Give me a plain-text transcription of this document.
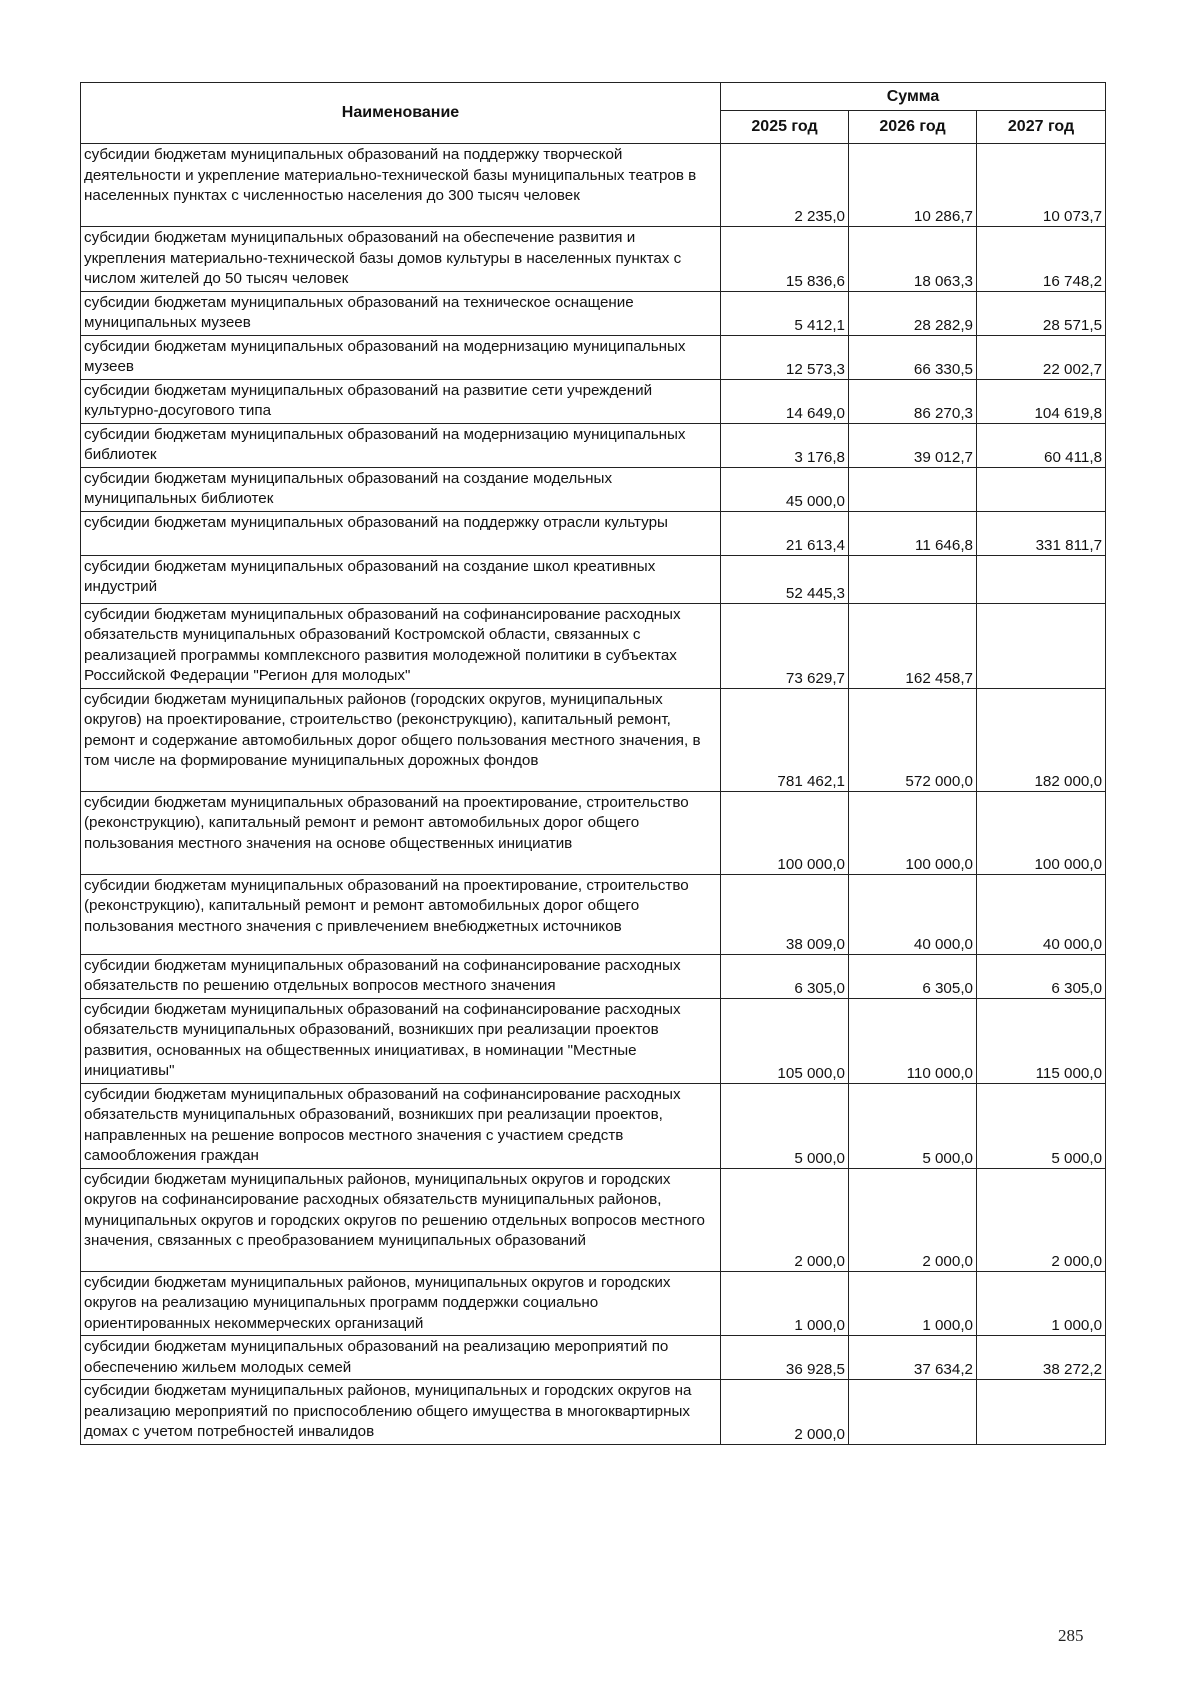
Наименование	Сумма		
	2025 год	2026 год	2027 год
субсидии бюджетам муниципальных образований на поддержку творческой деятельности и укрепление материально-технической базы муниципальных театров в населенных пунктах с численностью населения до 300 тысяч человек	2 235,0	10 286,7	10 073,7
субсидии бюджетам муниципальных образований на обеспечение развития и укрепления материально-технической базы домов культуры в населенных пунктах с числом жителей до 50 тысяч человек	15 836,6	18 063,3	16 748,2
субсидии бюджетам муниципальных образований на техническое оснащение муниципальных музеев	5 412,1	28 282,9	28 571,5
субсидии бюджетам муниципальных образований на модернизацию муниципальных музеев	12 573,3	66 330,5	22 002,7
субсидии бюджетам муниципальных образований на развитие сети учреждений культурно-досугового типа	14 649,0	86 270,3	104 619,8
субсидии бюджетам муниципальных образований на модернизацию муниципальных библиотек	3 176,8	39 012,7	60 411,8
субсидии бюджетам муниципальных образований на создание модельных муниципальных библиотек	45 000,0		
субсидии бюджетам муниципальных образований на поддержку отрасли культуры	21 613,4	11 646,8	331 811,7
субсидии бюджетам муниципальных образований на создание школ креативных индустрий	52 445,3		
субсидии бюджетам муниципальных образований на софинансирование расходных обязательств муниципальных образований Костромской области, связанных с реализацией программы комплексного развития молодежной политики в субъектах Российской Федерации "Регион для молодых"	73 629,7	162 458,7	
субсидии бюджетам муниципальных районов (городских округов, муниципальных округов) на проектирование, строительство (реконструкцию), капитальный ремонт, ремонт и содержание автомобильных дорог общего пользования местного значения, в том числе на формирование муниципальных дорожных фондов	781 462,1	572 000,0	182 000,0
субсидии бюджетам муниципальных образований на проектирование, строительство (реконструкцию), капитальный ремонт и ремонт автомобильных дорог общего пользования местного значения на основе общественных инициатив	100 000,0	100 000,0	100 000,0
субсидии бюджетам муниципальных образований на проектирование, строительство (реконструкцию), капитальный ремонт и ремонт автомобильных дорог общего пользования местного значения с привлечением внебюджетных источников	38 009,0	40 000,0	40 000,0
субсидии бюджетам муниципальных образований на софинансирование расходных обязательств по решению отдельных вопросов местного значения	6 305,0	6 305,0	6 305,0
субсидии бюджетам муниципальных образований на софинансирование расходных обязательств муниципальных образований, возникших при реализации проектов развития, основанных на общественных инициативах, в номинации "Местные инициативы"	105 000,0	110 000,0	115 000,0
субсидии бюджетам муниципальных образований на софинансирование расходных обязательств муниципальных образований, возникших при реализации проектов, направленных на решение вопросов местного значения с участием средств самообложения граждан	5 000,0	5 000,0	5 000,0
субсидии бюджетам муниципальных районов, муниципальных округов и городских округов на софинансирование расходных обязательств муниципальных районов, муниципальных округов и городских округов по решению отдельных вопросов местного значения, связанных с преобразованием муниципальных образований	2 000,0	2 000,0	2 000,0
субсидии бюджетам муниципальных районов, муниципальных округов и городских округов на реализацию муниципальных программ поддержки социально ориентированных некоммерческих организаций	1 000,0	1 000,0	1 000,0
субсидии бюджетам муниципальных образований на реализацию мероприятий по обеспечению жильем молодых семей	36 928,5	37 634,2	38 272,2
субсидии бюджетам муниципальных районов, муниципальных и городских округов на реализацию мероприятий по приспособлению общего имущества в многоквартирных домах с учетом потребностей инвалидов	2 000,0		
285
